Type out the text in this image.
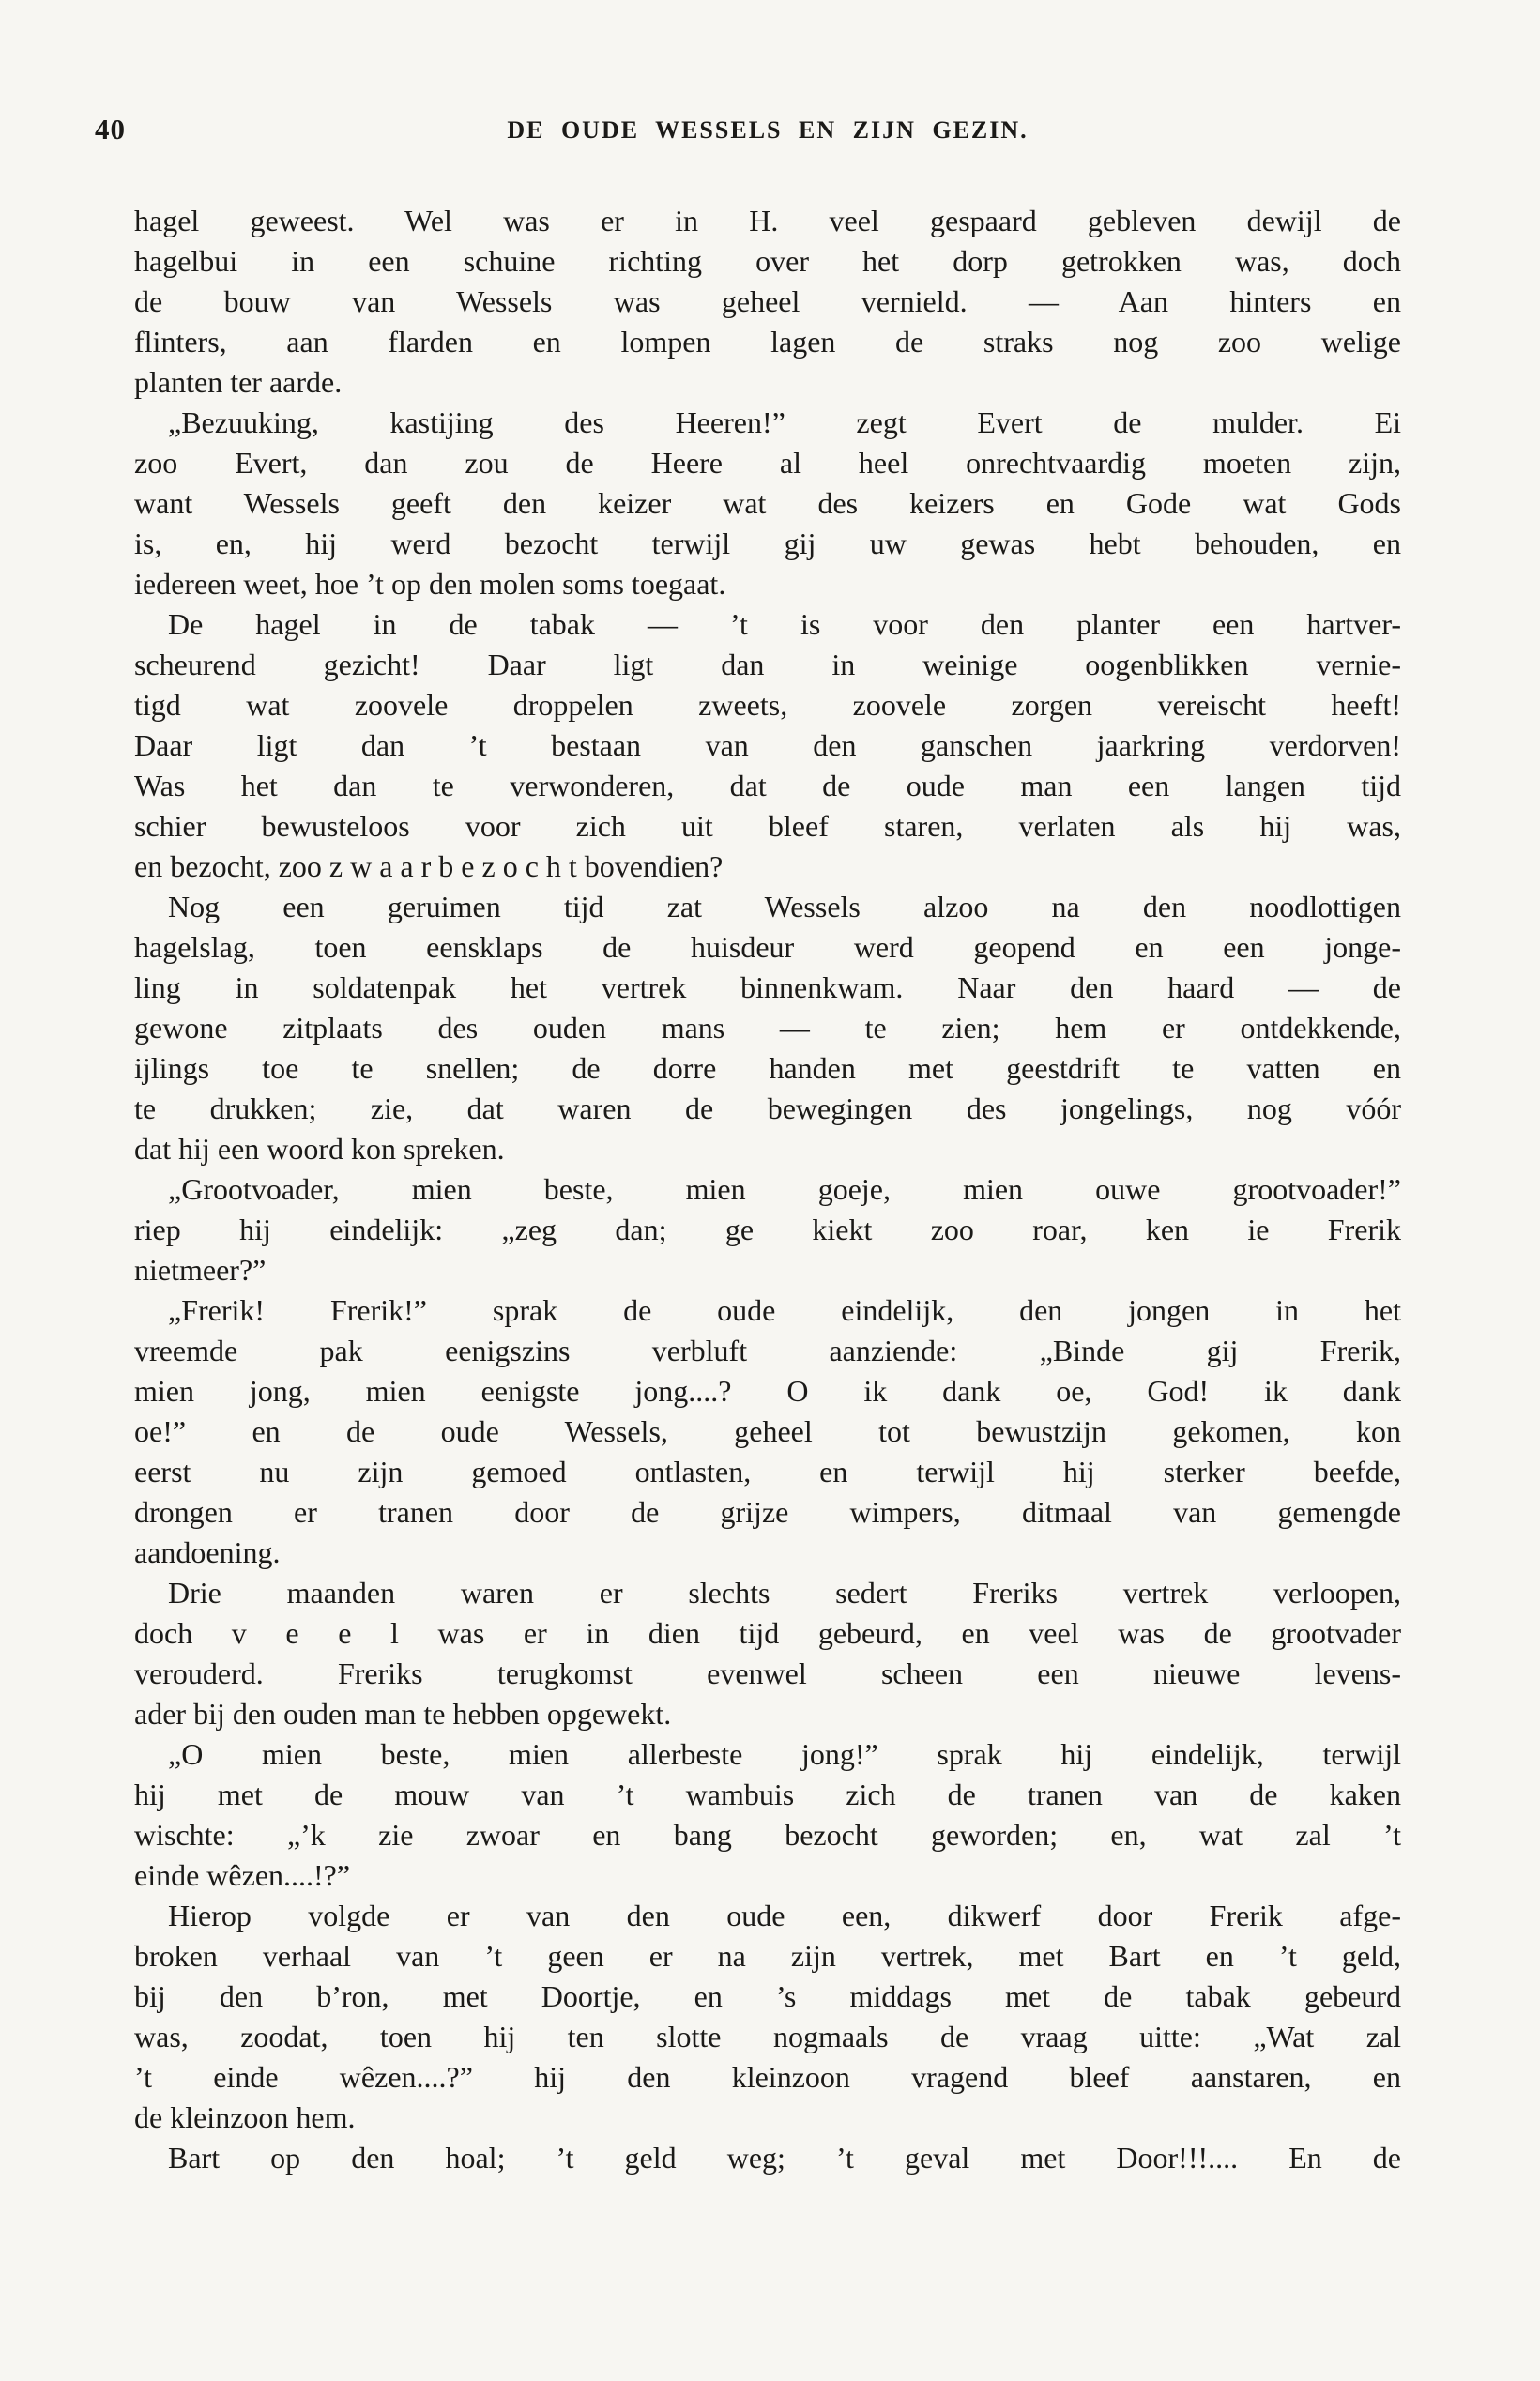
40	DE OUDE WESSELS EN ZIJN GEZIN.
hagel geweest. Wel was er in H. veel gespaard gebleven dewijl de
hagelbui in een schuine richting over het dorp getrokken was, doch
de bouw van Wessels was geheel vernield. — Aan hinters en
flinters, aan flarden en lompen lagen de straks nog zoo welige
planten ter aarde.
„Bezuuking, kastijing des Heeren!” zegt Evert de mulder. Ei
zoo Evert, dan zou de Heere al heel onrechtvaardig moeten zijn,
want Wessels geeft den keizer wat des keizers en Gode wat Gods
is, en, hij werd bezocht terwijl gij uw gewas hebt behouden, en
iedereen weet, hoe ’t op den molen soms toegaat.
De hagel in de tabak — ’t is voor den planter een hartver-
scheurend gezicht! Daar ligt dan in weinige oogenblikken vernie-
tigd wat zoovele droppelen zweets, zoovele zorgen vereischt heeft!
Daar ligt dan ’t bestaan van den ganschen jaarkring verdorven!
Was het dan te verwonderen, dat de oude man een langen tijd
schier bewusteloos voor zich uit bleef staren, verlaten als hij was,
en bezocht, zoo z w a a r b e z o c h t bovendien?
Nog een geruimen tijd zat Wessels alzoo na den noodlottigen
hagelslag, toen eensklaps de huisdeur werd geopend en een jonge-
ling in soldatenpak het vertrek binnenkwam. Naar den haard — de
gewone zitplaats des ouden mans — te zien; hem er ontdekkende,
ijlings toe te snellen; de dorre handen met geestdrift te vatten en
te drukken; zie, dat waren de bewegingen des jongelings, nog vóór
dat hij een woord kon spreken.
„Grootvoader, mien beste, mien goeje, mien ouwe grootvoader!”
riep hij eindelijk: „zeg dan; ge kiekt zoo roar, ken ie Frerik
nietmeer?”
„Frerik! Frerik!” sprak de oude eindelijk, den jongen in het
vreemde pak eenigszins verbluft aanziende: „Binde gij Frerik,
mien jong, mien eenigste jong....? O ik dank oe, God! ik dank
oe!” en de oude Wessels, geheel tot bewustzijn gekomen, kon
eerst nu zijn gemoed ontlasten, en terwijl hij sterker beefde,
drongen er tranen door de grijze wimpers, ditmaal van gemengde
aandoening.
Drie maanden waren er slechts sedert Freriks vertrek verloopen,
doch v e e l was er in dien tijd gebeurd, en veel was de grootvader
verouderd. Freriks terugkomst evenwel scheen een nieuwe levens-
ader bij den ouden man te hebben opgewekt.
„O mien beste, mien allerbeste jong!” sprak hij eindelijk, terwijl
hij met de mouw van ’t wambuis zich de tranen van de kaken
wischte: „’k zie zwoar en bang bezocht geworden; en, wat zal ’t
einde wêzen....!?”
Hierop volgde er van den oude een, dikwerf door Frerik afge-
broken verhaal van ’t geen er na zijn vertrek, met Bart en ’t geld,
bij den b’ron, met Doortje, en ’s middags met de tabak gebeurd
was, zoodat, toen hij ten slotte nogmaals de vraag uitte: „Wat zal
’t einde wêzen....?” hij den kleinzoon vragend bleef aanstaren, en
de kleinzoon hem.
Bart op den hoal; ’t geld weg; ’t geval met Door!!!.... En de
